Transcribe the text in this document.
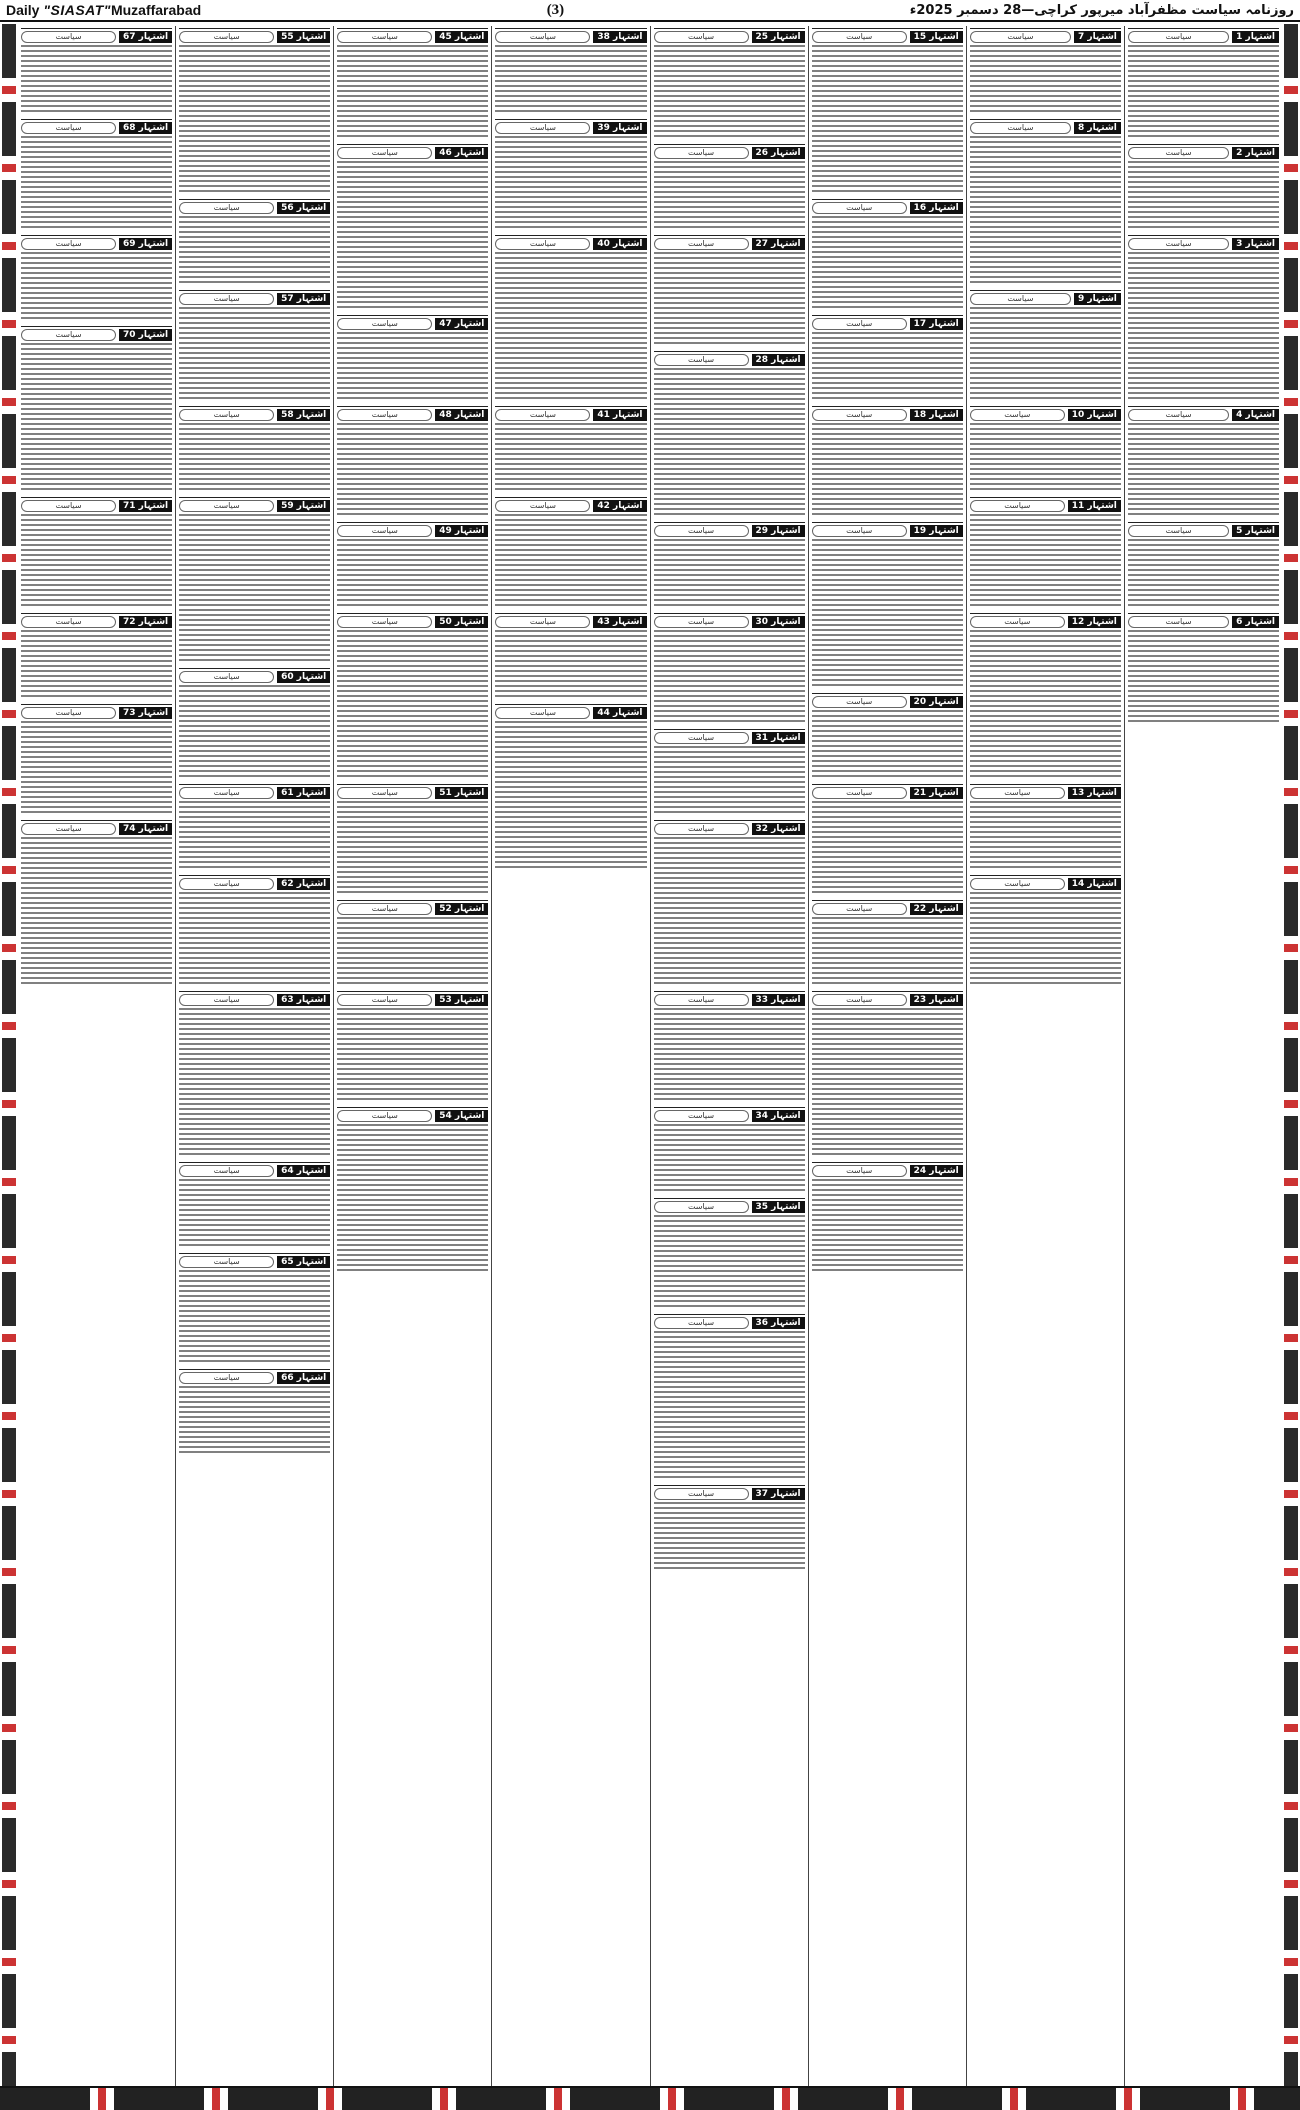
Daily "SIASAT"Muzaffarabad	(3)	روزنامہ سیاست مظفرآباد میرپور کراچی—28 دسمبر 2025ء
اشتہار 1
سیاست
اشتہار 2
سیاست
اشتہار 3
سیاست
اشتہار 4
سیاست
اشتہار 5
سیاست
اشتہار 6
سیاست
اشتہار 7
سیاست
اشتہار 8
سیاست
اشتہار 9
سیاست
اشتہار 10
سیاست
اشتہار 11
سیاست
اشتہار 12
سیاست
اشتہار 13
سیاست
اشتہار 14
سیاست
اشتہار 15
سیاست
اشتہار 16
سیاست
اشتہار 17
سیاست
اشتہار 18
سیاست
اشتہار 19
سیاست
اشتہار 20
سیاست
اشتہار 21
سیاست
اشتہار 22
سیاست
اشتہار 23
سیاست
اشتہار 24
سیاست
اشتہار 25
سیاست
اشتہار 26
سیاست
اشتہار 27
سیاست
اشتہار 28
سیاست
اشتہار 29
سیاست
اشتہار 30
سیاست
اشتہار 31
سیاست
اشتہار 32
سیاست
اشتہار 33
سیاست
اشتہار 34
سیاست
اشتہار 35
سیاست
اشتہار 36
سیاست
اشتہار 37
سیاست
اشتہار 38
سیاست
اشتہار 39
سیاست
اشتہار 40
سیاست
اشتہار 41
سیاست
اشتہار 42
سیاست
اشتہار 43
سیاست
اشتہار 44
سیاست
اشتہار 45
سیاست
اشتہار 46
سیاست
اشتہار 47
سیاست
اشتہار 48
سیاست
اشتہار 49
سیاست
اشتہار 50
سیاست
اشتہار 51
سیاست
اشتہار 52
سیاست
اشتہار 53
سیاست
اشتہار 54
سیاست
اشتہار 55
سیاست
اشتہار 56
سیاست
اشتہار 57
سیاست
اشتہار 58
سیاست
اشتہار 59
سیاست
اشتہار 60
سیاست
اشتہار 61
سیاست
اشتہار 62
سیاست
اشتہار 63
سیاست
اشتہار 64
سیاست
اشتہار 65
سیاست
اشتہار 66
سیاست
اشتہار 67
سیاست
اشتہار 68
سیاست
اشتہار 69
سیاست
اشتہار 70
سیاست
اشتہار 71
سیاست
اشتہار 72
سیاست
اشتہار 73
سیاست
اشتہار 74
سیاست
